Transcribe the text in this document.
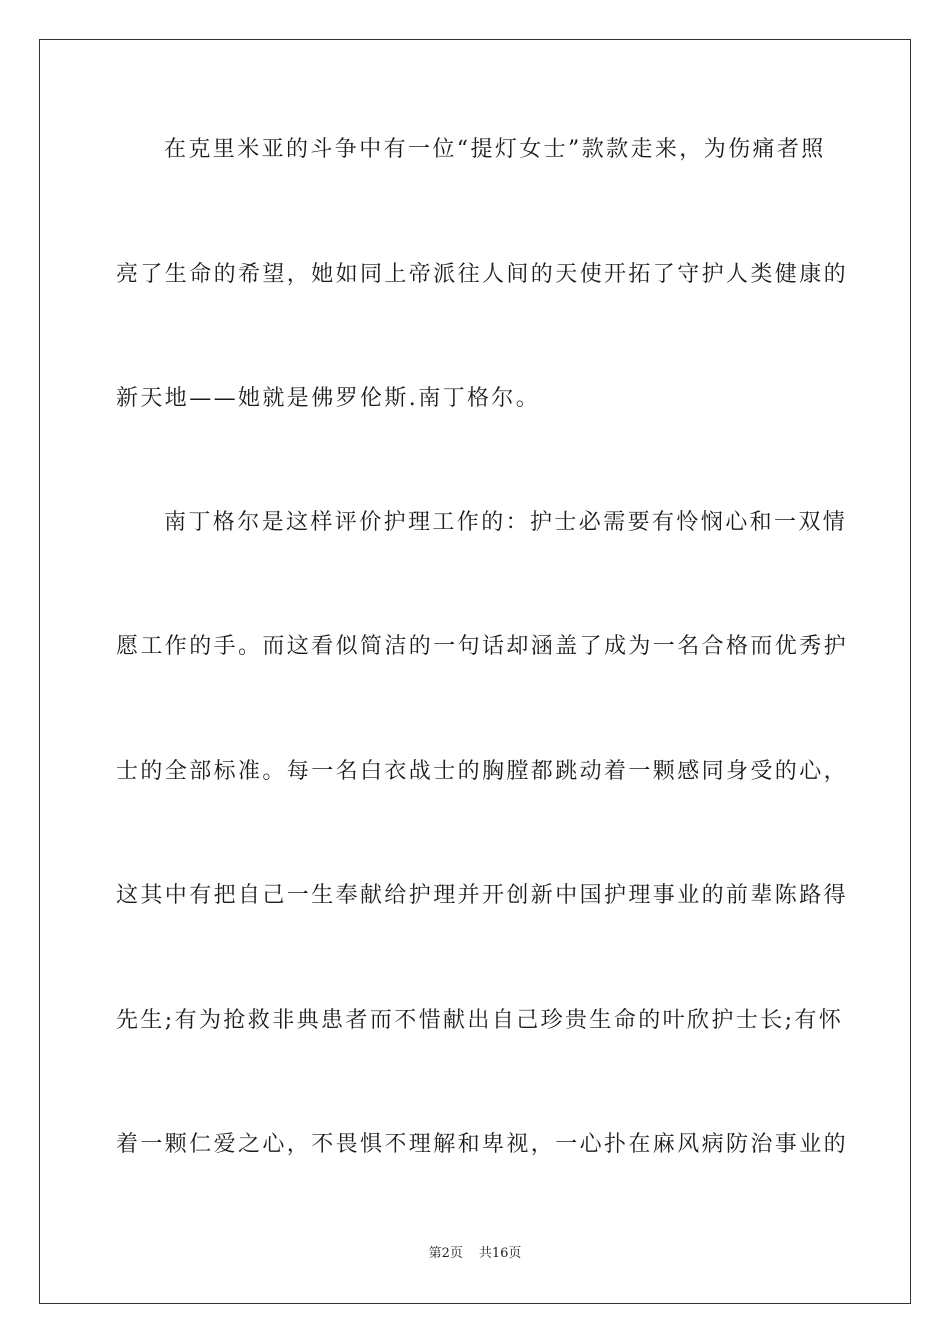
在克里米亚的斗争中有一位“提灯女士”款款走来，为伤痛者照
亮了生命的希望，她如同上帝派往人间的天使开拓了守护人类健康的
新天地——她就是佛罗伦斯.南丁格尔。
南丁格尔是这样评价护理工作的：护士必需要有怜悯心和一双情
愿工作的手。而这看似简洁的一句话却涵盖了成为一名合格而优秀护
士的全部标准。每一名白衣战士的胸膛都跳动着一颗感同身受的心，
这其中有把自己一生奉献给护理并开创新中国护理事业的前辈陈路得
先生;有为抢救非典患者而不惜献出自己珍贵生命的叶欣护士长;有怀
着一颗仁爱之心，不畏惧不理解和卑视，一心扑在麻风病防治事业的
第2页 共16页
